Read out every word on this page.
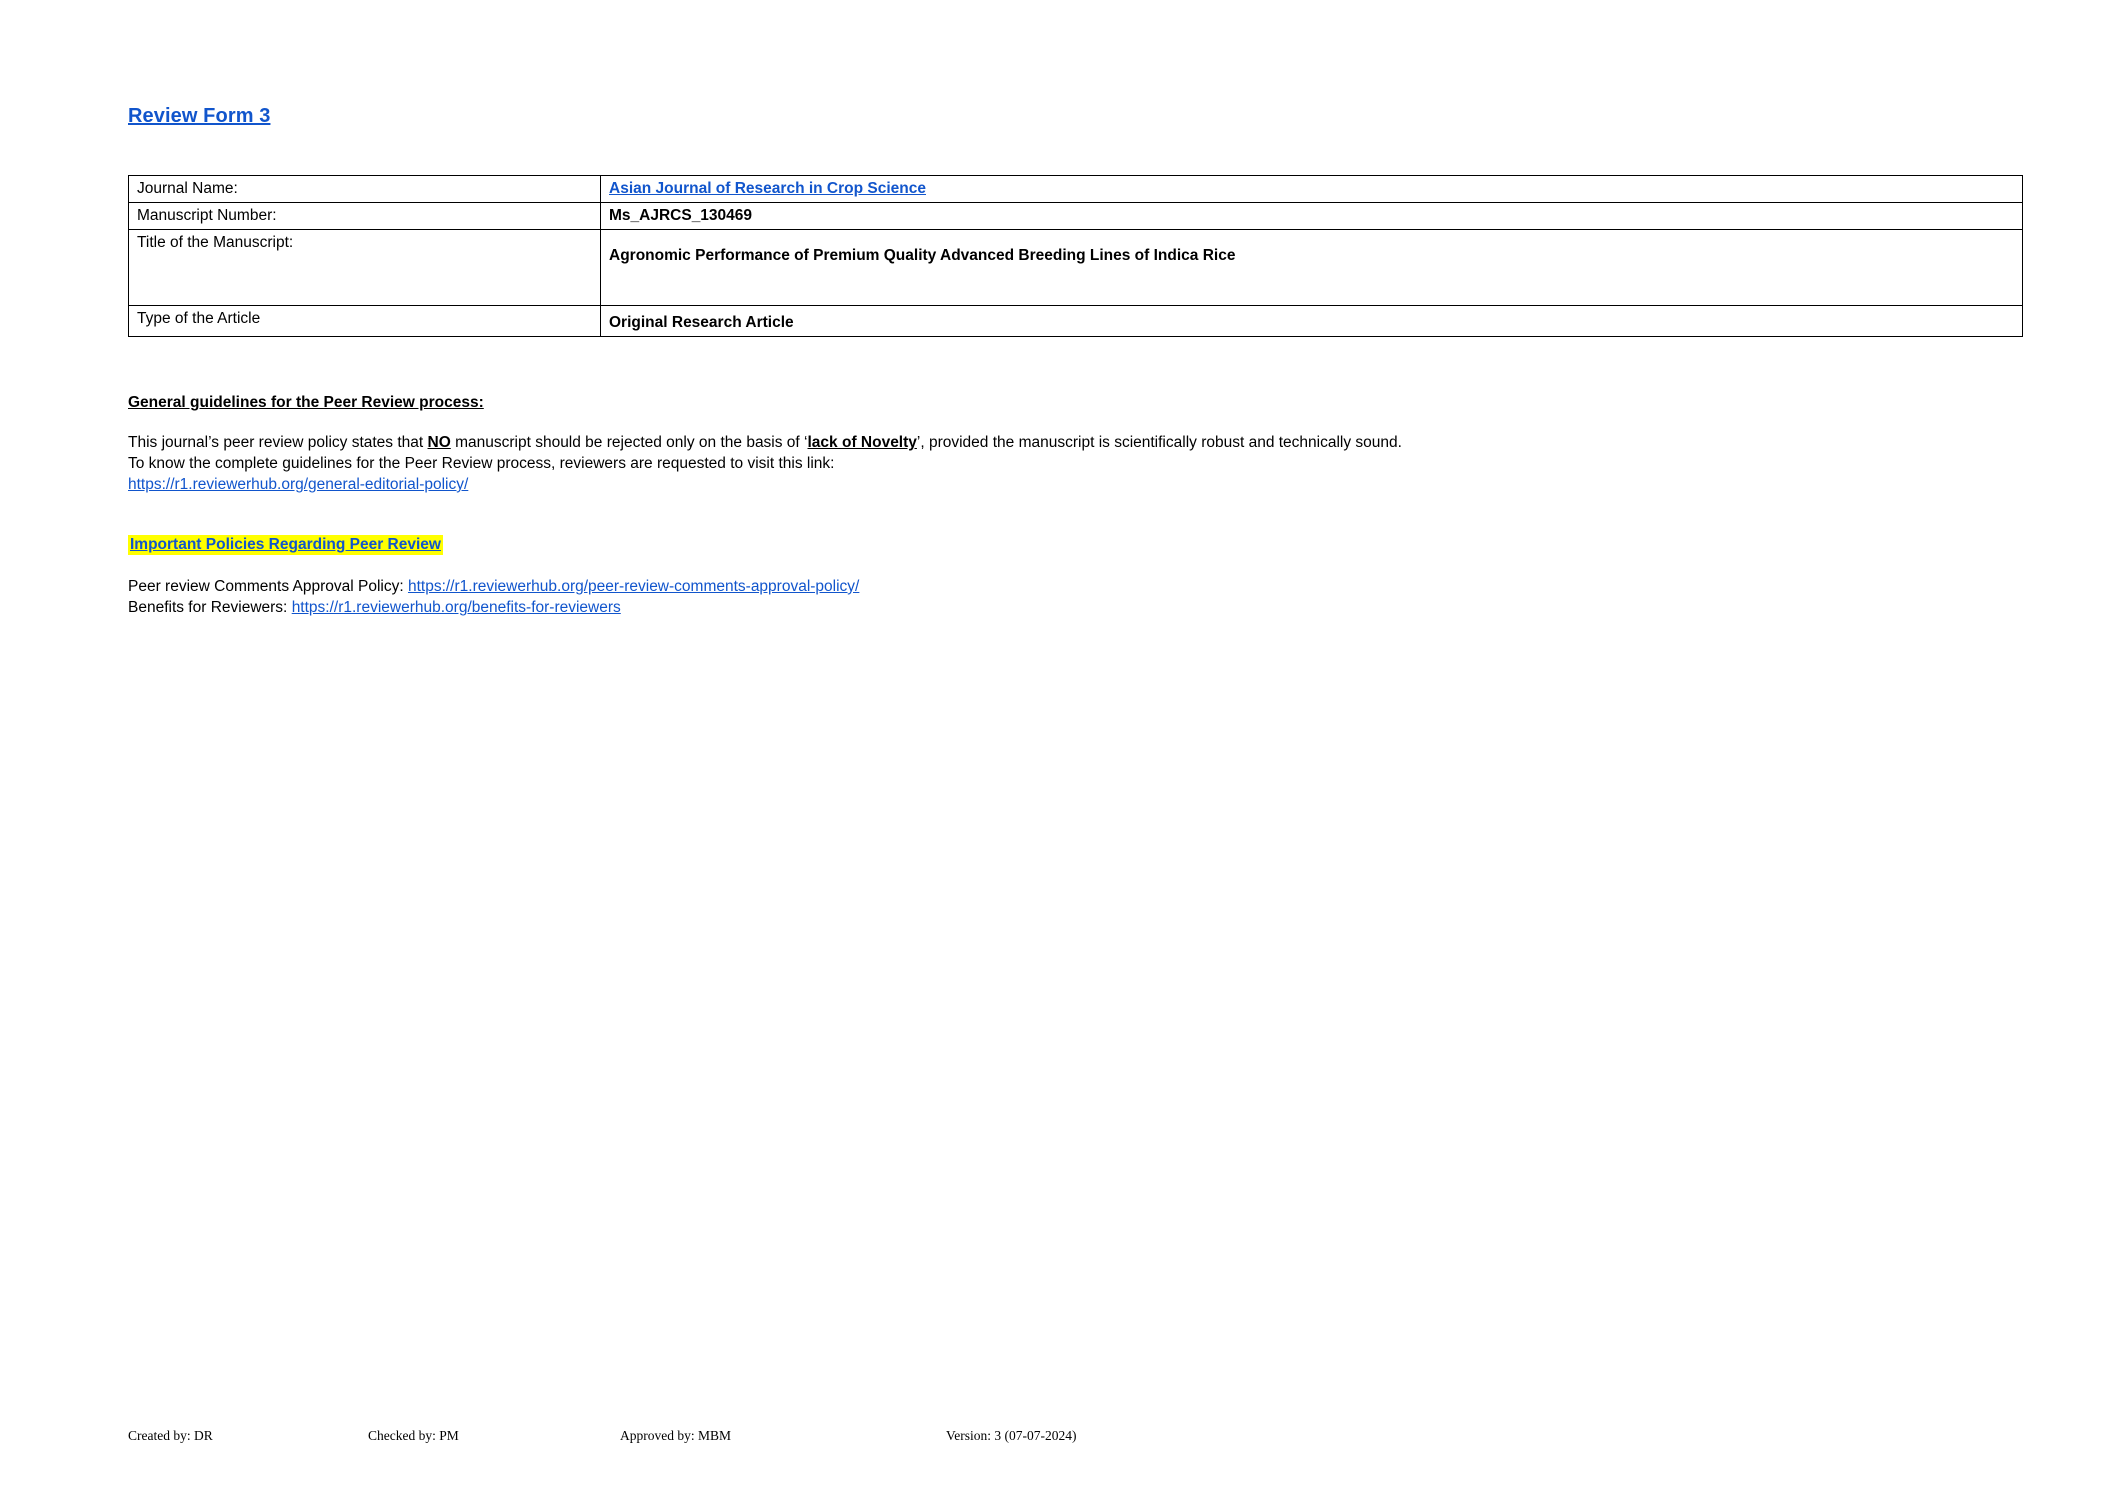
Review Form 3
Journal Name:	Asian Journal of Research in Crop Science
Manuscript Number:	Ms_AJRCS_130469
Title of the Manuscript:	Agronomic Performance of Premium Quality Advanced Breeding Lines of Indica Rice
Type of the Article	Original Research Article
General guidelines for the Peer Review process:

This journal’s peer review policy states that NO manuscript should be rejected only on the basis of ‘lack of Novelty’, provided the manuscript is scientifically robust and technically sound.
To know the complete guidelines for the Peer Review process, reviewers are requested to visit this link:

https://r1.reviewerhub.org/general-editorial-policy/

Important Policies Regarding Peer Review
Peer review Comments Approval Policy: https://r1.reviewerhub.org/peer-review-comments-approval-policy/
Benefits for Reviewers: https://r1.reviewerhub.org/benefits-for-reviewers
Created by: DR	Checked by: PM	Approved by: MBM	Version: 3 (07-07-2024)
